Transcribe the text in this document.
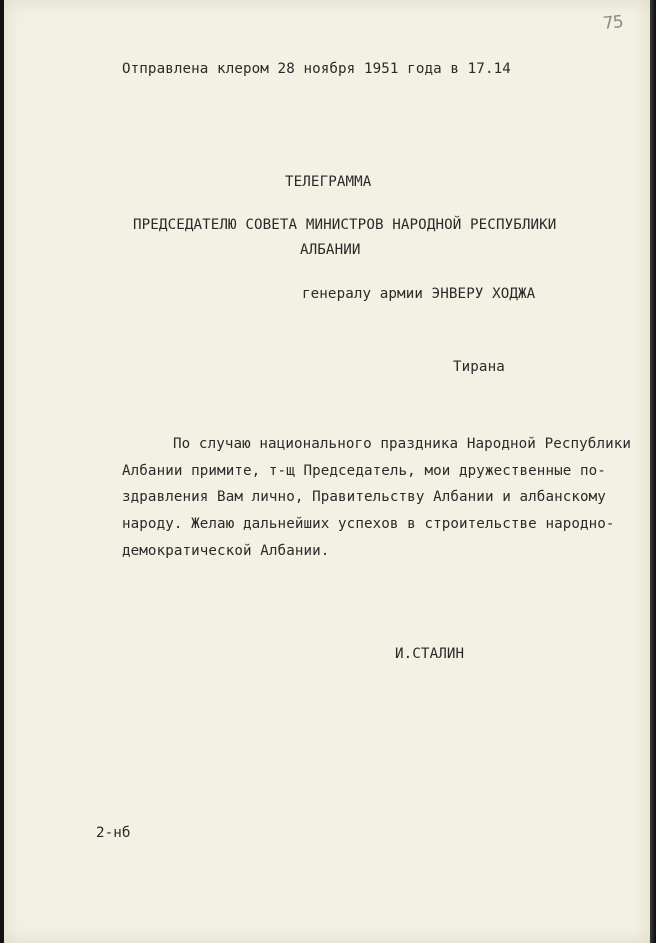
75
Отправлена клером 28 ноября 1951 года в 17.14
ТЕЛЕГРАММА
ПРЕДСЕДАТЕЛЮ СОВЕТА МИНИСТРОВ НАРОДНОЙ РЕСПУБЛИКИ
АЛБАНИИ
генералу армии ЭНВЕРУ ХОДЖА
Тирана
По случаю национального праздника Народной Республики
Албании примите, т-щ Председатель, мои дружественные по-
здравления Вам лично, Правительству Албании и албанскому
народу. Желаю дальнейших успехов в строительстве народно-
демократической Албании.
И.СТАЛИН
2-нб
